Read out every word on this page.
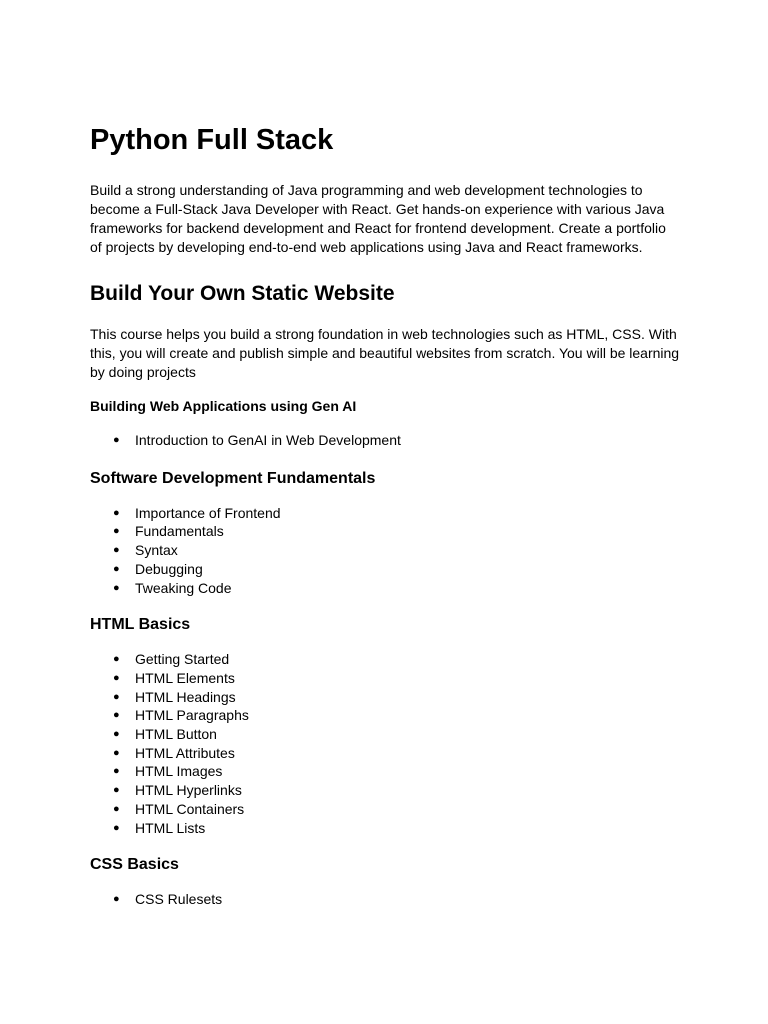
Python Full Stack

Build a strong understanding of Java programming and web development technologies to become a Full-Stack Java Developer with React. Get hands-on experience with various Java frameworks for backend development and React for frontend development. Create a portfolio of projects by developing end-to-end web applications using Java and React frameworks.

Build Your Own Static Website

This course helps you build a strong foundation in web technologies such as HTML, CSS. With this, you will create and publish simple and beautiful websites from scratch. You will be learning by doing projects

Building Web Applications using Gen AI
● Introduction to GenAI in Web Development
Software Development Fundamentals
● Importance of Frontend
● Fundamentals
● Syntax
● Debugging
● Tweaking Code
HTML Basics
● Getting Started
● HTML Elements
● HTML Headings
● HTML Paragraphs
● HTML Button
● HTML Attributes
● HTML Images
● HTML Hyperlinks
● HTML Containers
● HTML Lists
CSS Basics
● CSS Rulesets
